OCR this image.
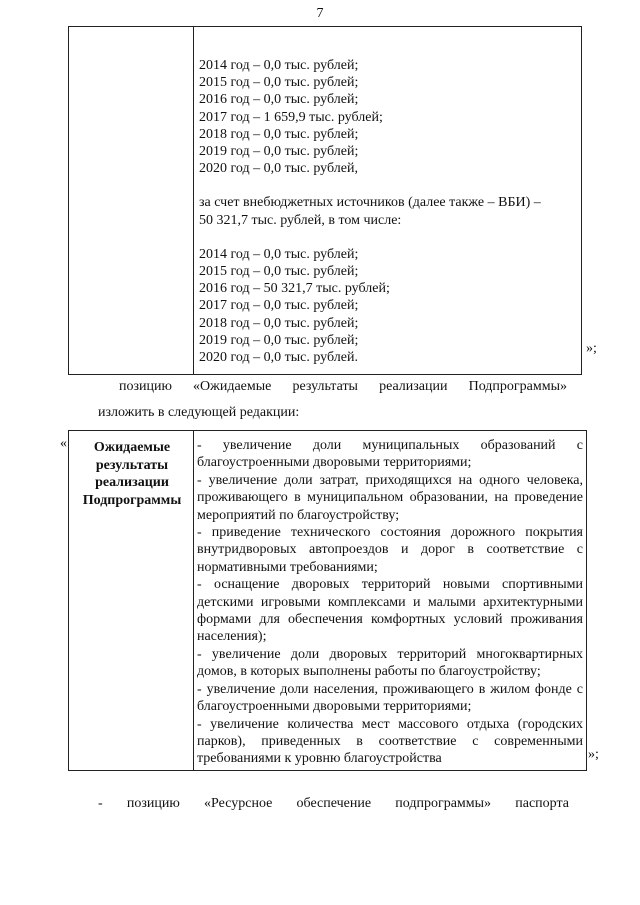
7
2014 год – 0,0 тыс. рублей;
2015 год – 0,0 тыс. рублей;
2016 год – 0,0 тыс. рублей;
2017 год – 1 659,9 тыс. рублей;
2018 год – 0,0 тыс. рублей;
2019 год – 0,0 тыс. рублей;
2020 год – 0,0 тыс. рублей,
за счет внебюджетных источников (далее также – ВБИ) –
50 321,7 тыс. рублей, в том числе:
2014 год – 0,0 тыс. рублей;
2015 год – 0,0 тыс. рублей;
2016 год – 50 321,7 тыс. рублей;
2017 год – 0,0 тыс. рублей;
2018 год – 0,0 тыс. рублей;
2019 год – 0,0 тыс. рублей;
2020 год – 0,0 тыс. рублей.
»;
позицию «Ожидаемые результаты реализации Подпрограммы»
изложить в следующей редакции:
«	Ожидаемые результаты реализации Подпрограммы
- увеличение доли муниципальных образований с благоустроенными дворовыми территориями;
- увеличение доли затрат, приходящихся на одного человека, проживающего в муниципальном образовании, на проведение мероприятий по благоустройству;
- приведение технического состояния дорожного покрытия внутридворовых автопроездов и дорог в соответствие с нормативными требованиями;
- оснащение дворовых территорий новыми спортивными детскими игровыми комплексами и малыми архитектурными формами для обеспечения комфортных условий проживания населения);
- увеличение доли дворовых территорий многоквартирных домов, в которых выполнены работы по благоустройству;
- увеличение доли населения, проживающего в жилом фонде с благоустроенными дворовыми территориями;
- увеличение количества мест массового отдыха (городских парков), приведенных в соответствие с современными требованиями к уровню благоустройства	»;
- позицию «Ресурсное обеспечение подпрограммы» паспорта
